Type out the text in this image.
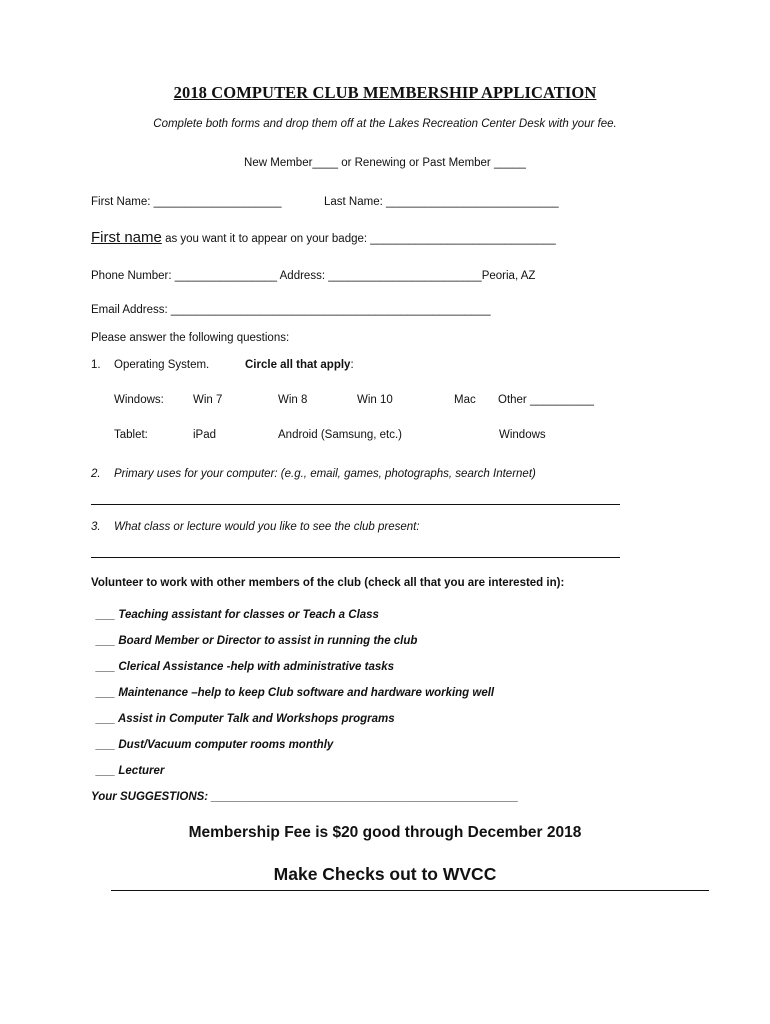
2018 COMPUTER CLUB MEMBERSHIP APPLICATION
Complete both forms and drop them off at the Lakes Recreation Center Desk with your fee.
New Member____ or Renewing or Past Member _____
First Name: ____________________	Last Name: ___________________________
First name as you want it to appear on your badge: _____________________________
Phone Number: ________________ Address: ________________________Peoria, AZ
Email Address: __________________________________________________
Please answer the following questions:
1. Operating System.	Circle all that apply:
Windows:	Win 7	Win 8	Win 10	Mac Other __________
Tablet:	iPad	Android (Samsung, etc.)	Windows
2. Primary uses for your computer: (e.g., email, games, photographs, search Internet)
3. What class or lecture would you like to see the club present:
Volunteer to work with other members of the club (check all that you are interested in):
___ Teaching assistant for classes or Teach a Class
___ Board Member or Director to assist in running the club
___ Clerical Assistance -help with administrative tasks
___ Maintenance –help to keep Club software and hardware working well
___ Assist in Computer Talk and Workshops programs
___ Dust/Vacuum computer rooms monthly
___ Lecturer
Your SUGGESTIONS: ________________________________________________
Membership Fee is $20 good through December 2018
Make Checks out to WVCC
